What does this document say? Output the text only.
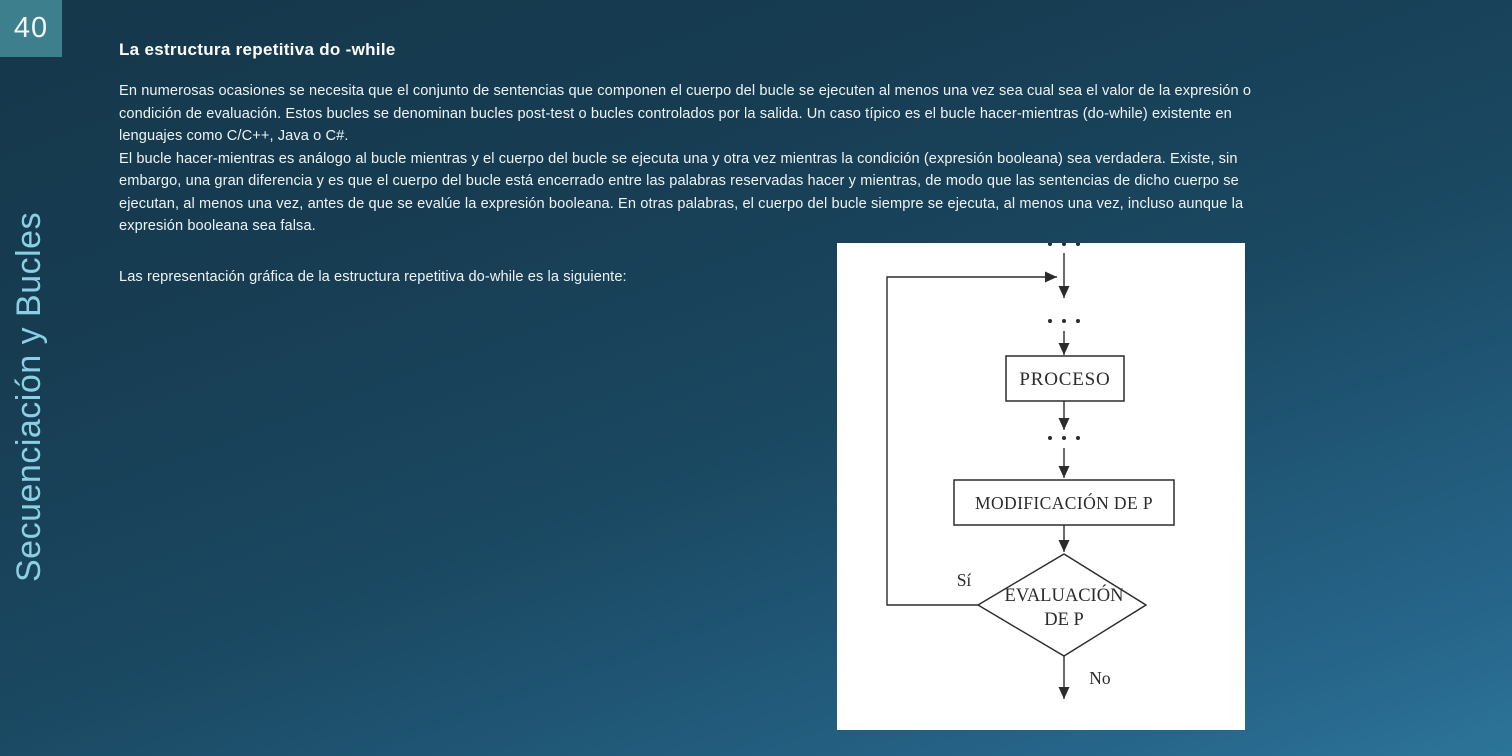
40
Secuenciación y Bucles
La estructura repetitiva do -while
En numerosas ocasiones se necesita que el conjunto de sentencias que componen el cuerpo del bucle se ejecuten al menos una vez sea cual sea el valor de la expresión o
condición de evaluación. Estos bucles se denominan bucles post-test o bucles controlados por la salida. Un caso típico es el bucle hacer-mientras (do-while) existente en
lenguajes como C/C++, Java o C#.
El bucle hacer-mientras es análogo al bucle mientras y el cuerpo del bucle se ejecuta una y otra vez mientras la condición (expresión booleana) sea verdadera. Existe, sin
embargo, una gran diferencia y es que el cuerpo del bucle está encerrado entre las palabras reservadas hacer y mientras, de modo que las sentencias de dicho cuerpo se
ejecutan, al menos una vez, antes de que se evalúe la expresión booleana. En otras palabras, el cuerpo del bucle siempre se ejecuta, al menos una vez, incluso aunque la
expresión booleana sea falsa.
Las representación gráfica de la estructura repetitiva do-while es la siguiente:
PROCESO
MODIFICACIÓN DE P
EVALUACIÓN
DE P
Sí
No
